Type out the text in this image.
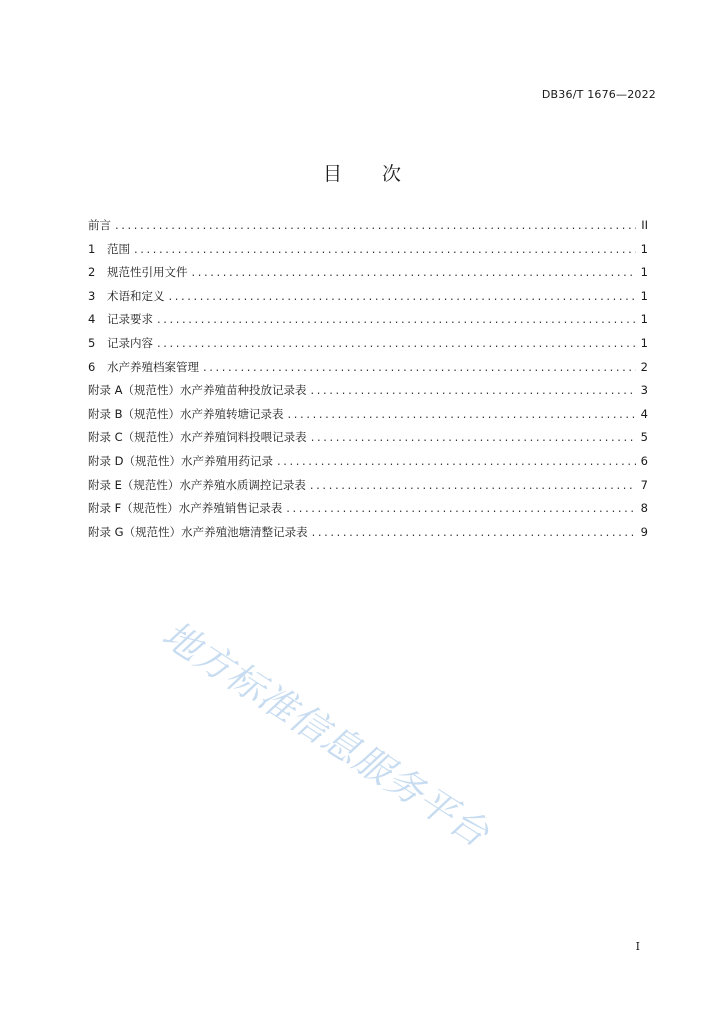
DB36/T 1676—2022
目 次
前言 .....	II
1	范围 .....	1
2	规范性引用文件 .....	1
3	术语和定义 .....	1
4	记录要求 .....	1
5	记录内容 .....	1
6	水产养殖档案管理 .....	2
附录 A（规范性）水产养殖苗种投放记录表 .....	3
附录 B（规范性）水产养殖转塘记录表 .....	4
附录 C（规范性）水产养殖饲料投喂记录表 .....	5
附录 D（规范性）水产养殖用药记录 .....	6
附录 E（规范性）水产养殖水质调控记录表 .....	7
附录 F（规范性）水产养殖销售记录表 .....	8
附录 G（规范性）水产养殖池塘清整记录表 .....	9
地方标准信息服务平台
I
